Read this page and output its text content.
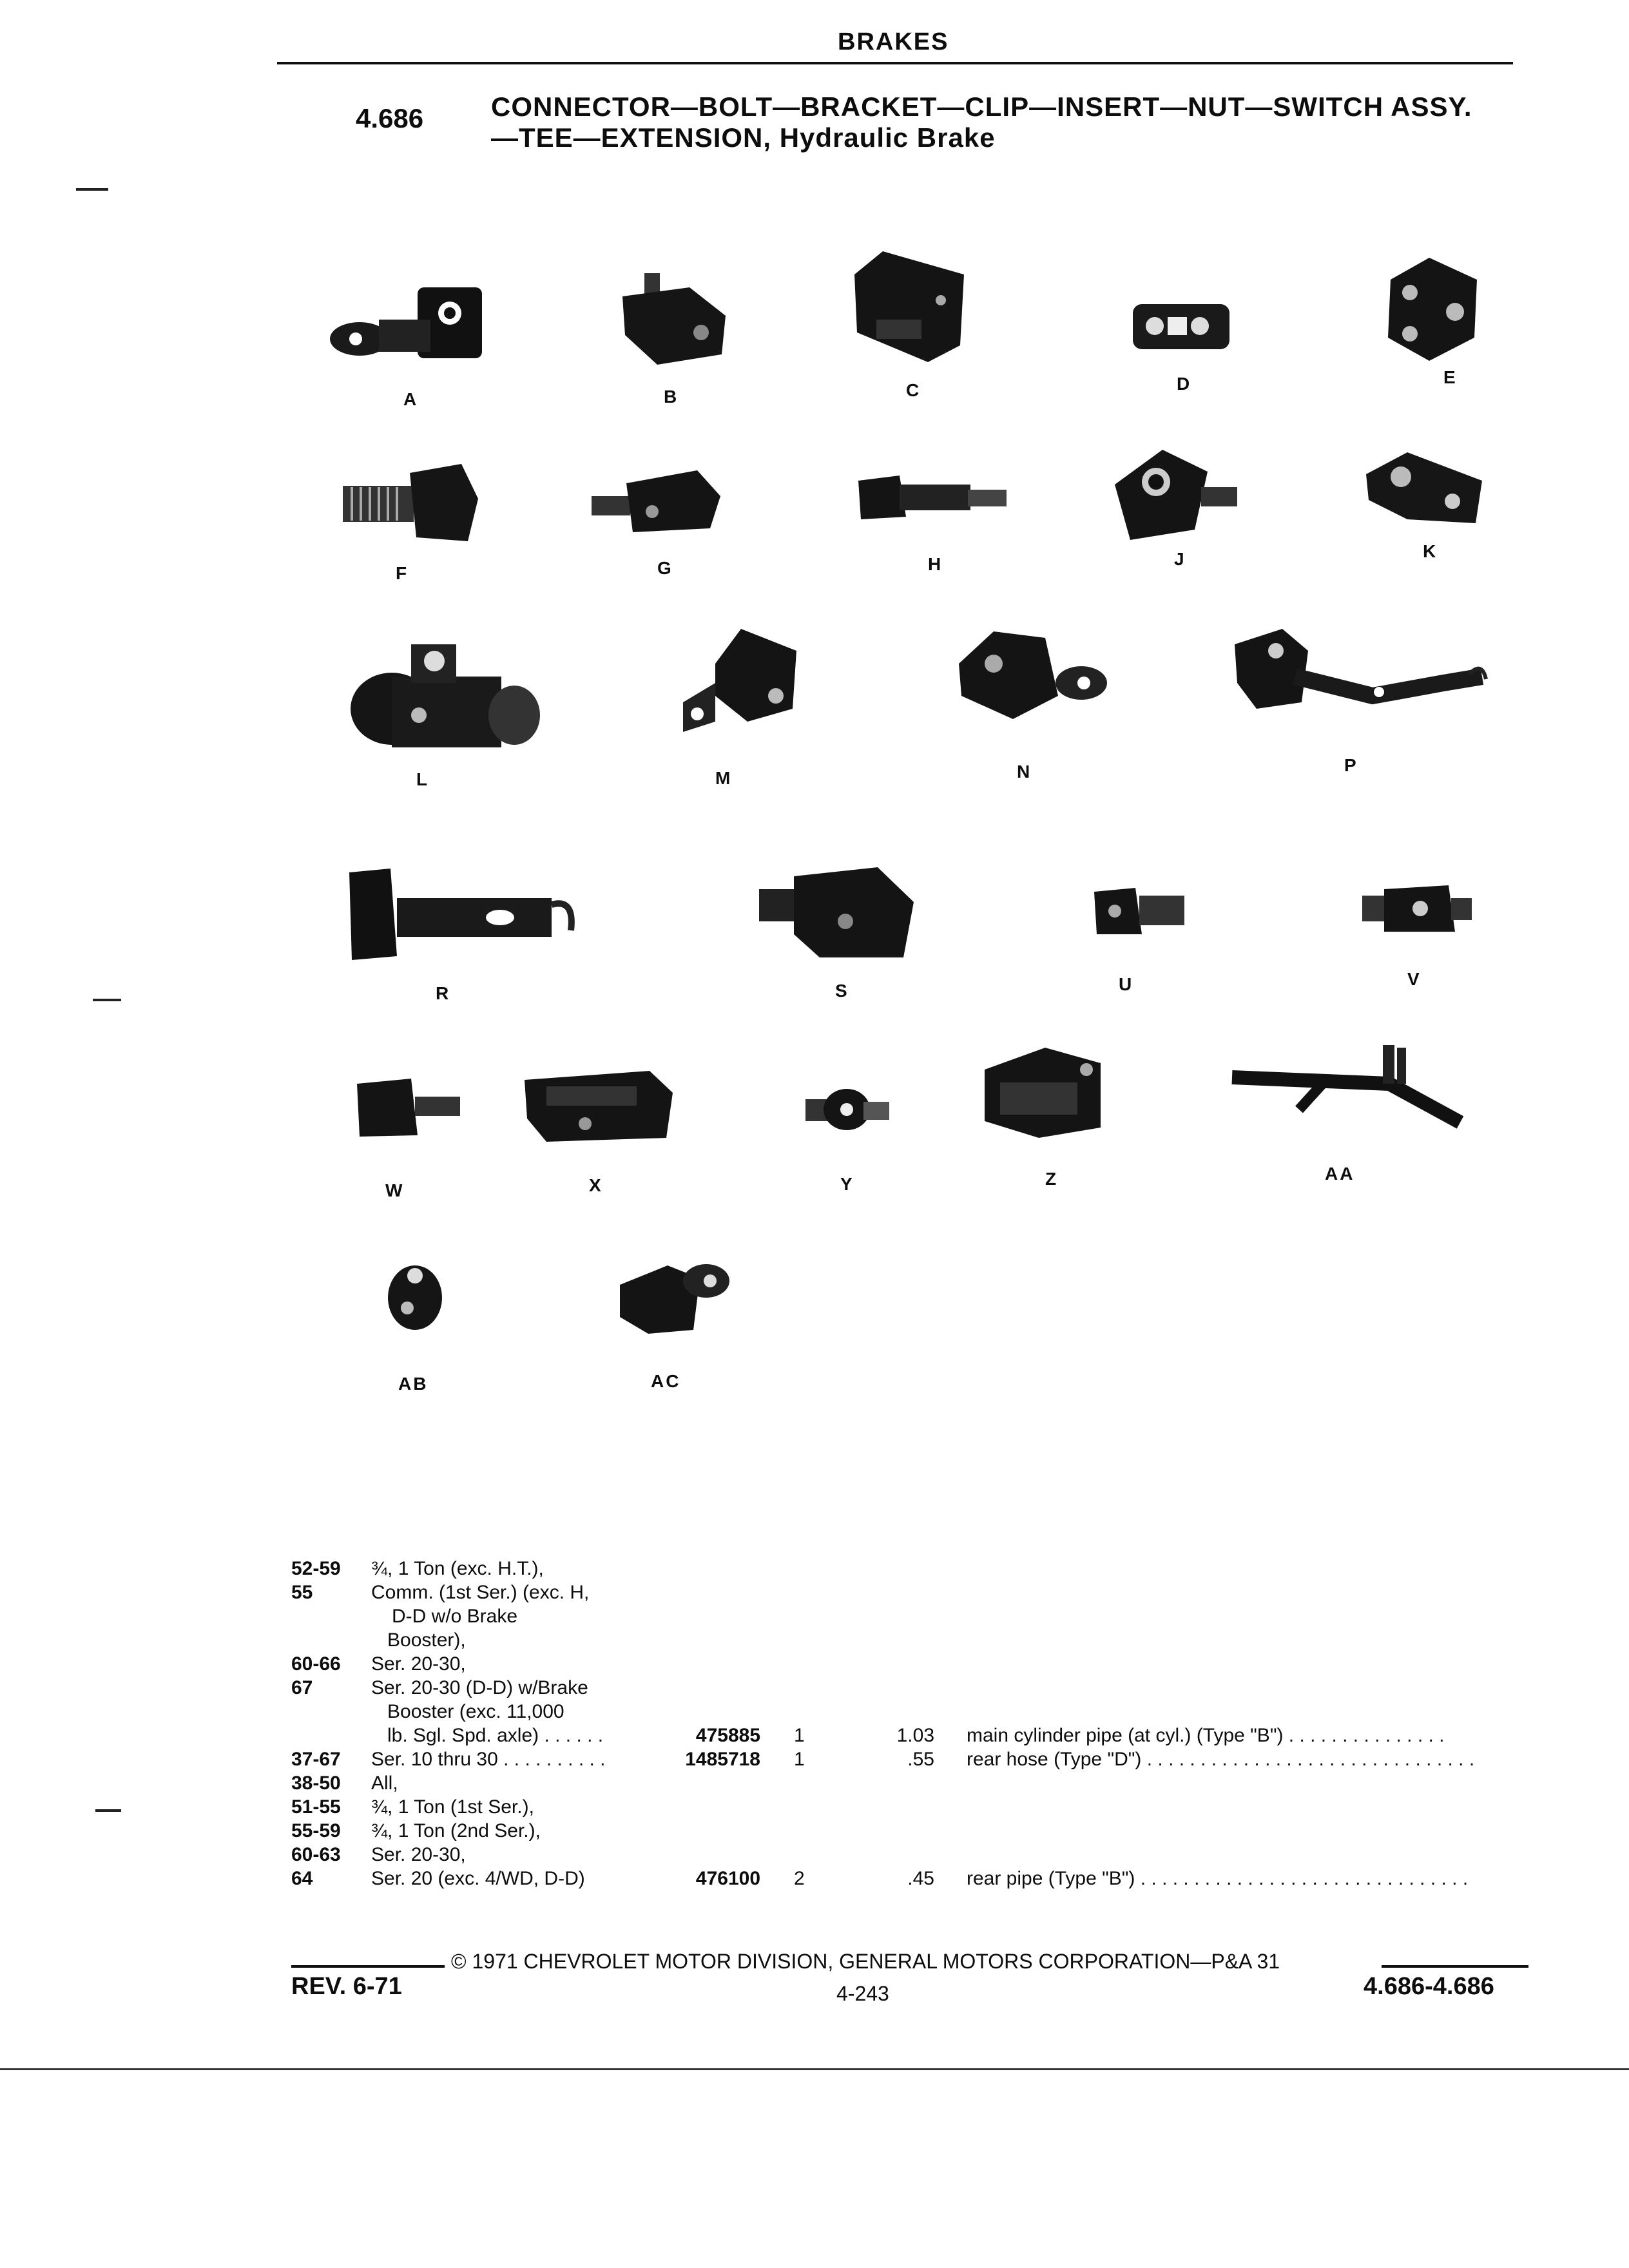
BRAKES
4.686 CONNECTOR—BOLT—BRACKET—CLIP—INSERT—NUT—SWITCH ASSY.
—TEE—EXTENSION, Hydraulic Brake
A	B	C	D	E
F	G	H	J	K
L	M	N	P
R	S	U	V
W	X	Y	Z	AA
AB	AC
52-59 ¾, 1 Ton (exc. H.T.),
55	Comm. (1st Ser.) (exc. H,
D-D w/o Brake
Booster),
60-66 Ser. 20-30,
67	Ser. 20-30 (D-D) w/Brake
Booster (exc. 11,000
lb. Sgl. Spd. axle) . . . . . .	475885 1	1.03 main cylinder pipe (at cyl.) (Type "B") . . . . . . . . . . . . . . .
37-67 Ser. 10 thru 30 . . . . . . . . . .	1485718 1	.55 rear hose (Type "D") . . . . . . . . . . . . . . . . . . . . . . . . . . . . . . .
38-50 All,
51-55 ¾, 1 Ton (1st Ser.),
55-59 ¾, 1 Ton (2nd Ser.),
60-63 Ser. 20-30,
64	Ser. 20 (exc. 4/WD, D-D)	476100 2	.45 rear pipe (Type "B") . . . . . . . . . . . . . . . . . . . . . . . . . . . . . . .
© 1971 CHEVROLET MOTOR DIVISION, GENERAL MOTORS CORPORATION—P&A 31
REV. 6-71	4-243	4.686-4.686
